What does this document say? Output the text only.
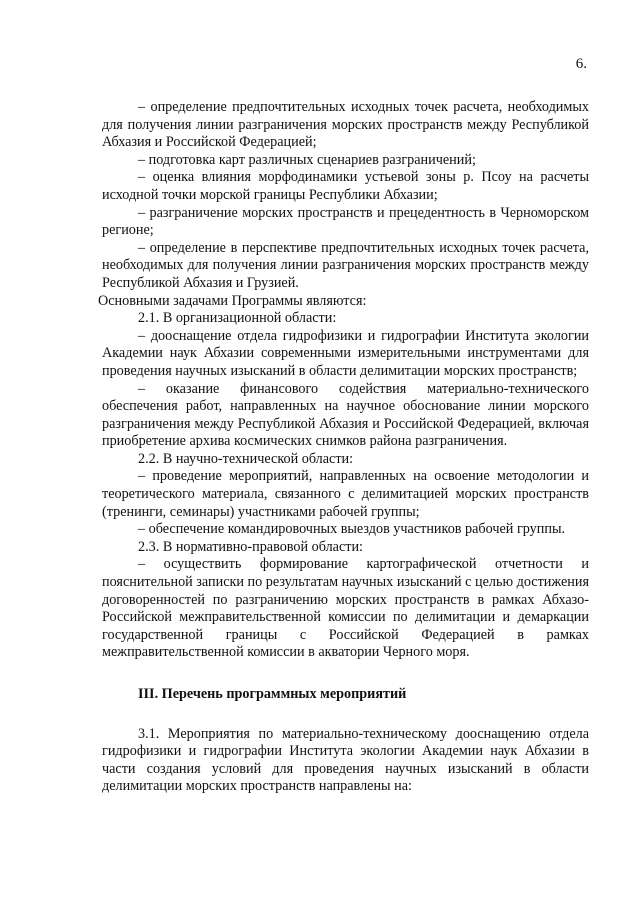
6.

– определение предпочтительных исходных точек расчета, необходимых для получения линии разграничения морских пространств между Республикой Абхазия и Российской Федерацией;

– подготовка карт различных сценариев разграничений;

– оценка влияния морфодинамики устьевой зоны р. Псоу на расчеты исходной точки морской границы Республики Абхазии;

– разграничение морских пространств и прецедентность в Черноморском регионе;

– определение в перспективе предпочтительных исходных точек расчета, необходимых для получения линии разграничения морских пространств между Республикой Абхазия и Грузией.

Основными задачами Программы являются:

2.1. В организационной области:

– дооснащение отдела гидрофизики и гидрографии Института экологии Академии наук Абхазии современными измерительными инструментами для проведения научных изысканий в области делимитации морских пространств;

– оказание финансового содействия материально-технического обеспечения работ, направленных на научное обоснование линии морского разграничения между Республикой Абхазия и Российской Федерацией, включая приобретение архива космических снимков района разграничения.

2.2. В научно-технической области:

– проведение мероприятий, направленных на освоение методологии и теоретического материала, связанного с делимитацией морских пространств (тренинги, семинары) участниками рабочей группы;

– обеспечение командировочных выездов участников рабочей группы.

2.3. В нормативно-правовой области:

– осуществить формирование картографической отчетности и пояснительной записки по результатам научных изысканий с целью достижения договоренностей по разграничению морских пространств в рамках Абхазо-Российской межправительственной комиссии по делимитации и демаркации государственной границы с Российской Федерацией в рамках межправительственной комиссии в акватории Черного моря.

III. Перечень программных мероприятий

3.1. Мероприятия по материально-техническому дооснащению отдела гидрофизики и гидрографии Института экологии Академии наук Абхазии в части создания условий для проведения научных изысканий в области делимитации морских пространств направлены на:
